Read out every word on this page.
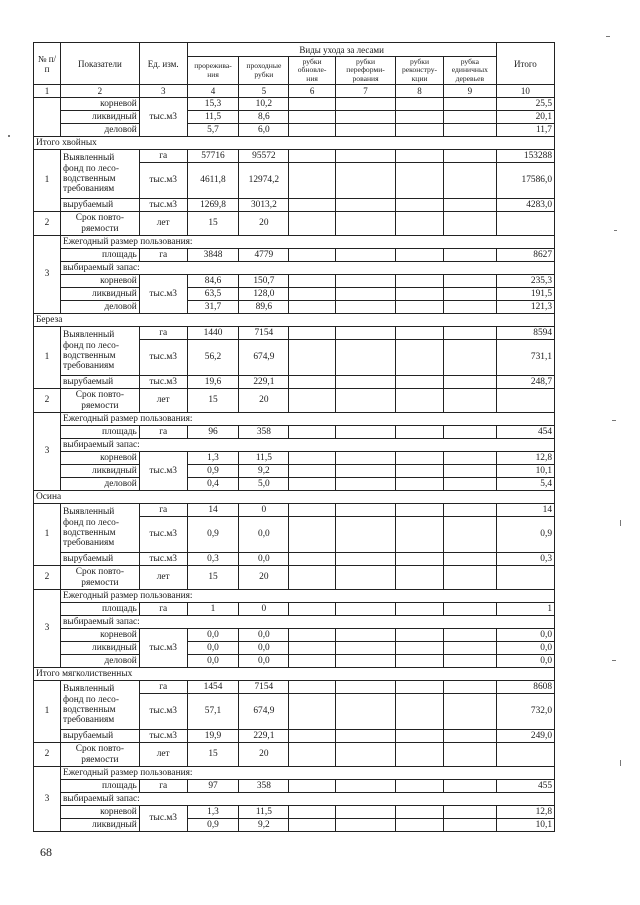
№ п/ п	Показатели	Ед. изм.	Виды ухода за лесами						Итого
			прорежива- ния	проходные рубки	рубки обновле- ния	рубки переформи- рования	рубки реконстру- кции	рубка единичных деревьев	
1	2	3	4	5	6	7	8	9	10
	корневой	тыс.м3	15,3	10,2					25,5
	ликвидный		11,5	8,6					20,1
	деловой		5,7	6,0					11,7
Итого хвойных									
1	Выявленный фонд по лесо- водственным требованиям	га	57716	95572					153288
		тыс.м3	4611,8	12974,2					17586,0
	вырубаемый	тыс.м3	1269,8	3013,2					4283,0
2	Срок повто- ряемости	лет	15	20					
3	Ежегодный размер пользования:								
	площадь	га	3848	4779					8627
	выбираемый запас:								
	корневой	тыс.м3	84,6	150,7					235,3
	ликвидный		63,5	128,0					191,5
	деловой		31,7	89,6					121,3
Береза									
1	Выявленный фонд по лесо- водственным требованиям	га	1440	7154					8594
		тыс.м3	56,2	674,9					731,1
	вырубаемый	тыс.м3	19,6	229,1					248,7
2	Срок повто- ряемости	лет	15	20					
3	Ежегодный размер пользования:								
	площадь	га	96	358					454
	выбираемый запас:								
	корневой	тыс.м3	1,3	11,5					12,8
	ликвидный		0,9	9,2					10,1
	деловой		0,4	5,0					5,4
Осина									
1	Выявленный фонд по лесо- водственным требованиям	га	14	0					14
		тыс.м3	0,9	0,0					0,9
	вырубаемый	тыс.м3	0,3	0,0					0,3
2	Срок повто- ряемости	лет	15	20					
3	Ежегодный размер пользования:								
	площадь	га	1	0					1
	выбираемый запас:								
	корневой	тыс.м3	0,0	0,0					0,0
	ликвидный		0,0	0,0					0,0
	деловой		0,0	0,0					0,0
Итого мягколиственных									
1	Выявленный фонд по лесо- водственным требованиям	га	1454	7154					8608
		тыс.м3	57,1	674,9					732,0
	вырубаемый	тыс.м3	19,9	229,1					249,0
2	Срок повто- ряемости	лет	15	20					
3	Ежегодный размер пользования:								
	площадь	га	97	358					455
	выбираемый запас:								
	корневой	тыс.м3	1,3	11,5					12,8
	ликвидный		0,9	9,2					10,1
68
